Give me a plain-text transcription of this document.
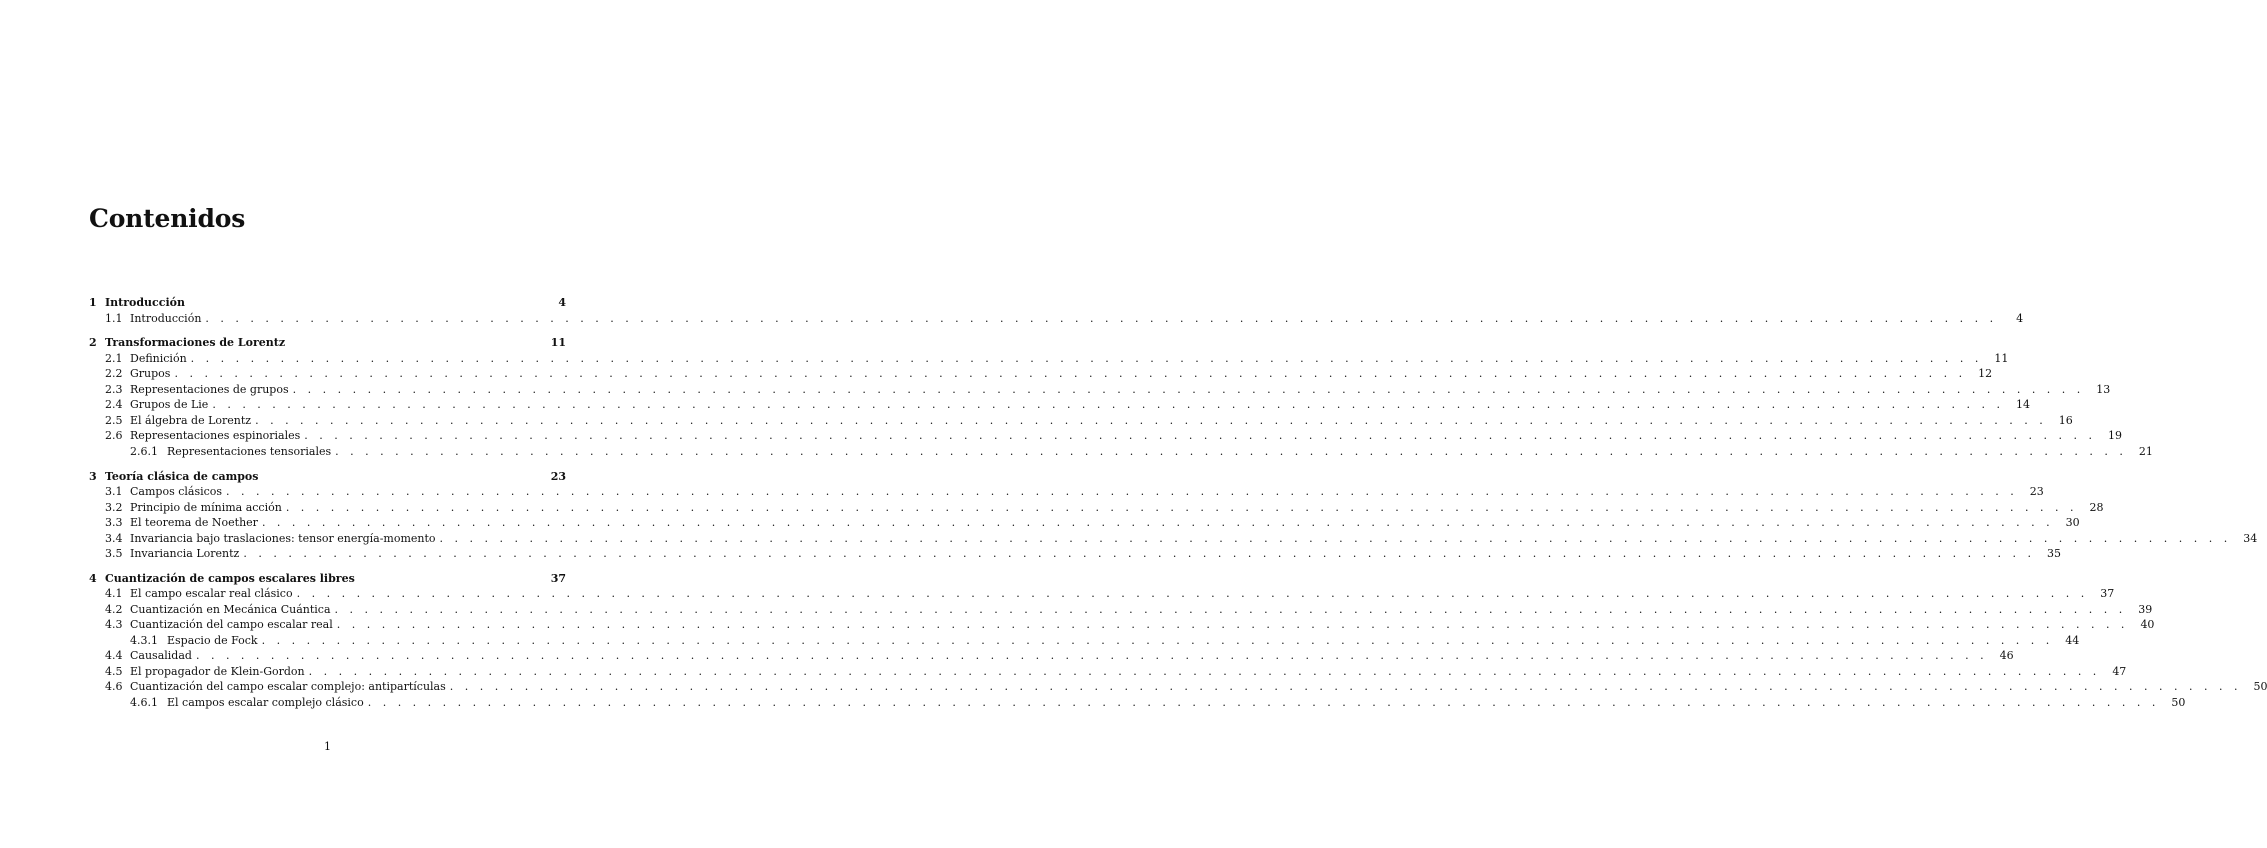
Contenidos
1 Introducción	4
1.1 Introducción . . . . . . . . . . . . . . . . . . . . . . . . . . . . . . . . . . . . . . . . . . . . . . . . . . . . . . . . . . . . . . . . . . . . . . . . . . . . . . . . . . . . . . . . . . . . . . . . . . . . . . . . . . . . . . . . . . . . . . . .	4
2 Transformaciones de Lorentz	11
2.1 Definición . . . . . . . . . . . . . . . . . . . . . . . . . . . . . . . . . . . . . . . . . . . . . . . . . . . . . . . . . . . . . . . . . . . . . . . . . . . . . . . . . . . . . . . . . . . . . . . . . . . . . . . . . . . . . . . . . . . . . . . .	11
2.2 Grupos . . . . . . . . . . . . . . . . . . . . . . . . . . . . . . . . . . . . . . . . . . . . . . . . . . . . . . . . . . . . . . . . . . . . . . . . . . . . . . . . . . . . . . . . . . . . . . . . . . . . . . . . . . . . . . . . . . . . . . . .	12
2.3 Representaciones de grupos . . . . . . . . . . . . . . . . . . . . . . . . . . . . . . . . . . . . . . . . . . . . . . . . . . . . . . . . . . . . . . . . . . . . . . . . . . . . . . . . . . . . . . . . . . . . . . . . . . . . . . . . . . . . . . . . . . . . . . . .	13
2.4 Grupos de Lie . . . . . . . . . . . . . . . . . . . . . . . . . . . . . . . . . . . . . . . . . . . . . . . . . . . . . . . . . . . . . . . . . . . . . . . . . . . . . . . . . . . . . . . . . . . . . . . . . . . . . . . . . . . . . . . . . . . . . . . .	14
2.5 El álgebra de Lorentz . . . . . . . . . . . . . . . . . . . . . . . . . . . . . . . . . . . . . . . . . . . . . . . . . . . . . . . . . . . . . . . . . . . . . . . . . . . . . . . . . . . . . . . . . . . . . . . . . . . . . . . . . . . . . . . . . . . . . . . .	16
2.6 Representaciones espinoriales . . . . . . . . . . . . . . . . . . . . . . . . . . . . . . . . . . . . . . . . . . . . . . . . . . . . . . . . . . . . . . . . . . . . . . . . . . . . . . . . . . . . . . . . . . . . . . . . . . . . . . . . . . . . . . . . . . . . . . . .	19
2.6.1 Representaciones tensoriales . . . . . . . . . . . . . . . . . . . . . . . . . . . . . . . . . . . . . . . . . . . . . . . . . . . . . . . . . . . . . . . . . . . . . . . . . . . . . . . . . . . . . . . . . . . . . . . . . . . . . . . . . . . . . . . . . . . . . . . .	21
3 Teoría clásica de campos	23
3.1 Campos clásicos . . . . . . . . . . . . . . . . . . . . . . . . . . . . . . . . . . . . . . . . . . . . . . . . . . . . . . . . . . . . . . . . . . . . . . . . . . . . . . . . . . . . . . . . . . . . . . . . . . . . . . . . . . . . . . . . . . . . . . . .	23
3.2 Principio de mínima acción . . . . . . . . . . . . . . . . . . . . . . . . . . . . . . . . . . . . . . . . . . . . . . . . . . . . . . . . . . . . . . . . . . . . . . . . . . . . . . . . . . . . . . . . . . . . . . . . . . . . . . . . . . . . . . . . . . . . . . . .	28
3.3 El teorema de Noether . . . . . . . . . . . . . . . . . . . . . . . . . . . . . . . . . . . . . . . . . . . . . . . . . . . . . . . . . . . . . . . . . . . . . . . . . . . . . . . . . . . . . . . . . . . . . . . . . . . . . . . . . . . . . . . . . . . . . . . .	30
3.4 Invariancia bajo traslaciones: tensor energía-momento . . . . . . . . . . . . . . . . . . . . . . . . . . . . . . . . . . . . . . . . . . . . . . . . . . . . . . . . . . . . . . . . . . . . . . . . . . . . . . . . . . . . . . . . . . . . . . . . . . . . . . . . . . . . . . . . . . . . . . . .	34
3.5 Invariancia Lorentz . . . . . . . . . . . . . . . . . . . . . . . . . . . . . . . . . . . . . . . . . . . . . . . . . . . . . . . . . . . . . . . . . . . . . . . . . . . . . . . . . . . . . . . . . . . . . . . . . . . . . . . . . . . . . . . . . . . . . . . .	35
4 Cuantización de campos escalares libres	37
4.1 El campo escalar real clásico . . . . . . . . . . . . . . . . . . . . . . . . . . . . . . . . . . . . . . . . . . . . . . . . . . . . . . . . . . . . . . . . . . . . . . . . . . . . . . . . . . . . . . . . . . . . . . . . . . . . . . . . . . . . . . . . . . . . . . . .	37
4.2 Cuantización en Mecánica Cuántica . . . . . . . . . . . . . . . . . . . . . . . . . . . . . . . . . . . . . . . . . . . . . . . . . . . . . . . . . . . . . . . . . . . . . . . . . . . . . . . . . . . . . . . . . . . . . . . . . . . . . . . . . . . . . . . . . . . . . . . .	39
4.3 Cuantización del campo escalar real . . . . . . . . . . . . . . . . . . . . . . . . . . . . . . . . . . . . . . . . . . . . . . . . . . . . . . . . . . . . . . . . . . . . . . . . . . . . . . . . . . . . . . . . . . . . . . . . . . . . . . . . . . . . . . . . . . . . . . . .	40
4.3.1 Espacio de Fock . . . . . . . . . . . . . . . . . . . . . . . . . . . . . . . . . . . . . . . . . . . . . . . . . . . . . . . . . . . . . . . . . . . . . . . . . . . . . . . . . . . . . . . . . . . . . . . . . . . . . . . . . . . . . . . . . . . . . . . .	44
4.4 Causalidad . . . . . . . . . . . . . . . . . . . . . . . . . . . . . . . . . . . . . . . . . . . . . . . . . . . . . . . . . . . . . . . . . . . . . . . . . . . . . . . . . . . . . . . . . . . . . . . . . . . . . . . . . . . . . . . . . . . . . . . .	46
4.5 El propagador de Klein-Gordon . . . . . . . . . . . . . . . . . . . . . . . . . . . . . . . . . . . . . . . . . . . . . . . . . . . . . . . . . . . . . . . . . . . . . . . . . . . . . . . . . . . . . . . . . . . . . . . . . . . . . . . . . . . . . . . . . . . . . . . .	47
4.6 Cuantización del campo escalar complejo: antipartículas . . . . . . . . . . . . . . . . . . . . . . . . . . . . . . . . . . . . . . . . . . . . . . . . . . . . . . . . . . . . . . . . . . . . . . . . . . . . . . . . . . . . . . . . . . . . . . . . . . . . . . . . . . . . . . . . . . . . . . . .	50
4.6.1 El campos escalar complejo clásico . . . . . . . . . . . . . . . . . . . . . . . . . . . . . . . . . . . . . . . . . . . . . . . . . . . . . . . . . . . . . . . . . . . . . . . . . . . . . . . . . . . . . . . . . . . . . . . . . . . . . . . . . . . . . . . . . . . . . . . .	50
1
